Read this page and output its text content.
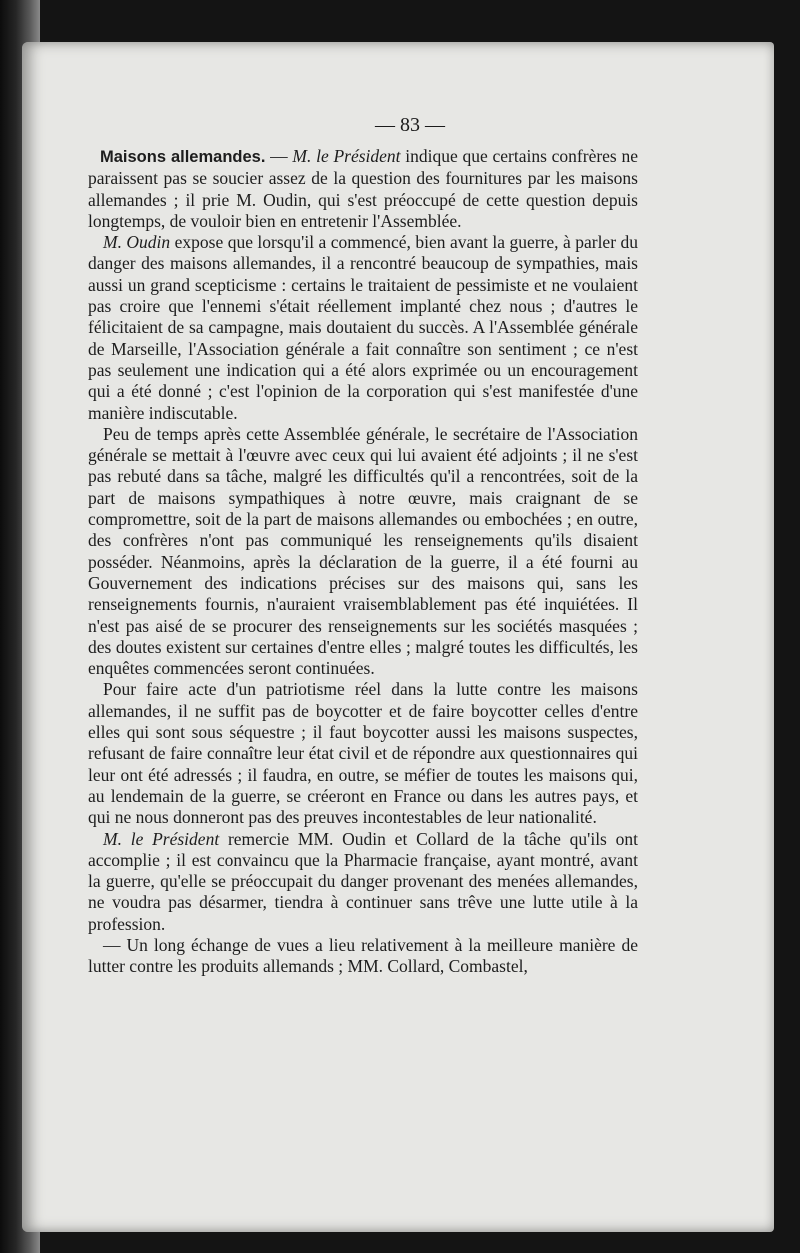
— 83 —

Maisons allemandes. — M. le Président indique que certains confrères ne paraissent pas se soucier assez de la question des fournitures par les maisons allemandes ; il prie M. Oudin, qui s'est préoccupé de cette question depuis longtemps, de vouloir bien en entretenir l'Assemblée.

M. Oudin expose que lorsqu'il a commencé, bien avant la guerre, à parler du danger des maisons allemandes, il a rencontré beaucoup de sympathies, mais aussi un grand scepticisme : certains le traitaient de pessimiste et ne voulaient pas croire que l'ennemi s'était réellement implanté chez nous ; d'autres le félicitaient de sa campagne, mais doutaient du succès. A l'Assemblée générale de Marseille, l'Association générale a fait connaître son sentiment ; ce n'est pas seulement une indication qui a été alors exprimée ou un encouragement qui a été donné ; c'est l'opinion de la corporation qui s'est manifestée d'une manière indiscutable.

Peu de temps après cette Assemblée générale, le secrétaire de l'Association générale se mettait à l'œuvre avec ceux qui lui avaient été adjoints ; il ne s'est pas rebuté dans sa tâche, malgré les difficultés qu'il a rencontrées, soit de la part de maisons sympathiques à notre œuvre, mais craignant de se compromettre, soit de la part de maisons allemandes ou embochées ; en outre, des confrères n'ont pas communiqué les renseignements qu'ils disaient posséder. Néanmoins, après la déclaration de la guerre, il a été fourni au Gouvernement des indications précises sur des maisons qui, sans les renseignements fournis, n'auraient vraisemblablement pas été inquiétées. Il n'est pas aisé de se procurer des renseignements sur les sociétés masquées ; des doutes existent sur certaines d'entre elles ; malgré toutes les difficultés, les enquêtes commencées seront continuées.

Pour faire acte d'un patriotisme réel dans la lutte contre les maisons allemandes, il ne suffit pas de boycotter et de faire boycotter celles d'entre elles qui sont sous séquestre ; il faut boycotter aussi les maisons suspectes, refusant de faire connaître leur état civil et de répondre aux questionnaires qui leur ont été adressés ; il faudra, en outre, se méfier de toutes les maisons qui, au lendemain de la guerre, se créeront en France ou dans les autres pays, et qui ne nous donneront pas des preuves incontestables de leur nationalité.

M. le Président remercie MM. Oudin et Collard de la tâche qu'ils ont accomplie ; il est convaincu que la Pharmacie française, ayant montré, avant la guerre, qu'elle se préoccupait du danger provenant des menées allemandes, ne voudra pas désarmer, tiendra à continuer sans trêve une lutte utile à la profession.

— Un long échange de vues a lieu relativement à la meilleure manière de lutter contre les produits allemands ; MM. Collard, Combastel,
